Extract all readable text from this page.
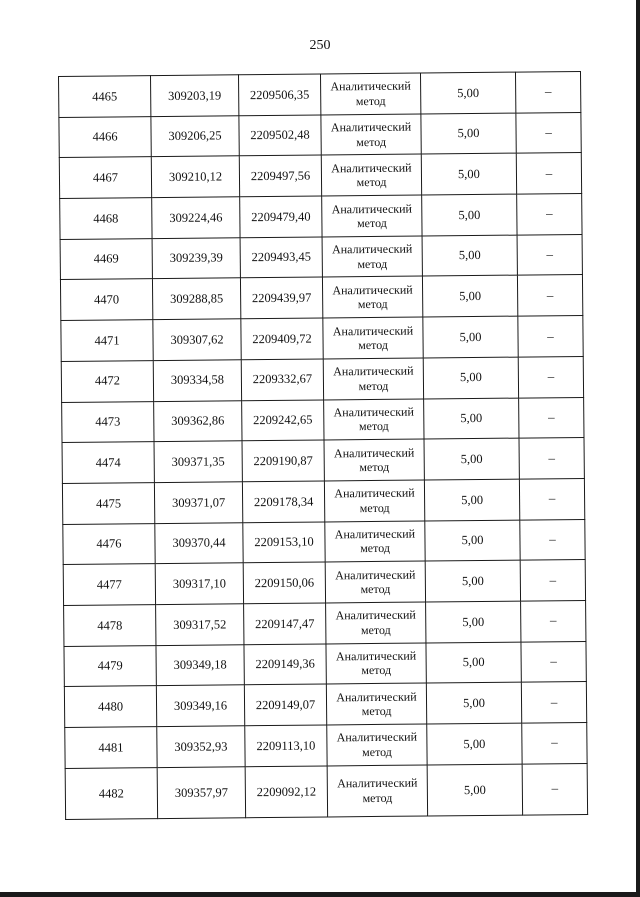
250
4465	309203,19	2209506,35	Аналитический метод	5,00	–
4466	309206,25	2209502,48	Аналитический метод	5,00	–
4467	309210,12	2209497,56	Аналитический метод	5,00	–
4468	309224,46	2209479,40	Аналитический метод	5,00	–
4469	309239,39	2209493,45	Аналитический метод	5,00	–
4470	309288,85	2209439,97	Аналитический метод	5,00	–
4471	309307,62	2209409,72	Аналитический метод	5,00	–
4472	309334,58	2209332,67	Аналитический метод	5,00	–
4473	309362,86	2209242,65	Аналитический метод	5,00	–
4474	309371,35	2209190,87	Аналитический метод	5,00	–
4475	309371,07	2209178,34	Аналитический метод	5,00	–
4476	309370,44	2209153,10	Аналитический метод	5,00	–
4477	309317,10	2209150,06	Аналитический метод	5,00	–
4478	309317,52	2209147,47	Аналитический метод	5,00	–
4479	309349,18	2209149,36	Аналитический метод	5,00	–
4480	309349,16	2209149,07	Аналитический метод	5,00	–
4481	309352,93	2209113,10	Аналитический метод	5,00	–
4482	309357,97	2209092,12	Аналитический метод	5,00	–
